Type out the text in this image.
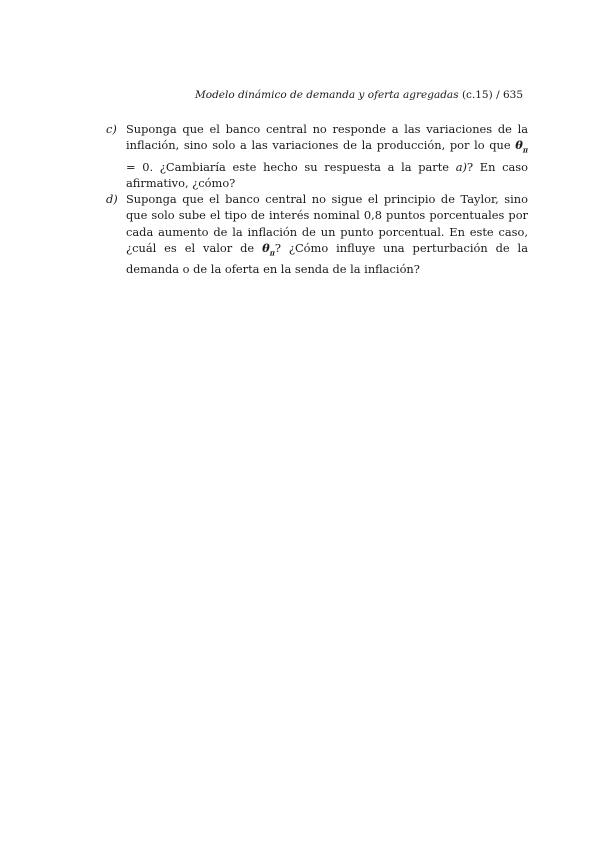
Modelo dinámico de demanda y oferta agregadas (c.15) / 635
c) Suponga que el banco central no responde a las variaciones de la inflación, sino solo a las variaciones de la producción, por lo que $\theta_\pi = 0$. ¿Cambiaría este hecho su respuesta a la parte a)? En caso afirmativo, ¿cómo?
d) Suponga que el banco central no sigue el principio de Taylor, sino que solo sube el tipo de interés nominal 0,8 puntos porcentuales por cada aumento de la inflación de un punto porcentual. En este caso, ¿cuál es el valor de $\theta_\pi$? ¿Cómo influye una perturbación de la demanda o de la oferta en la senda de la inflación?
